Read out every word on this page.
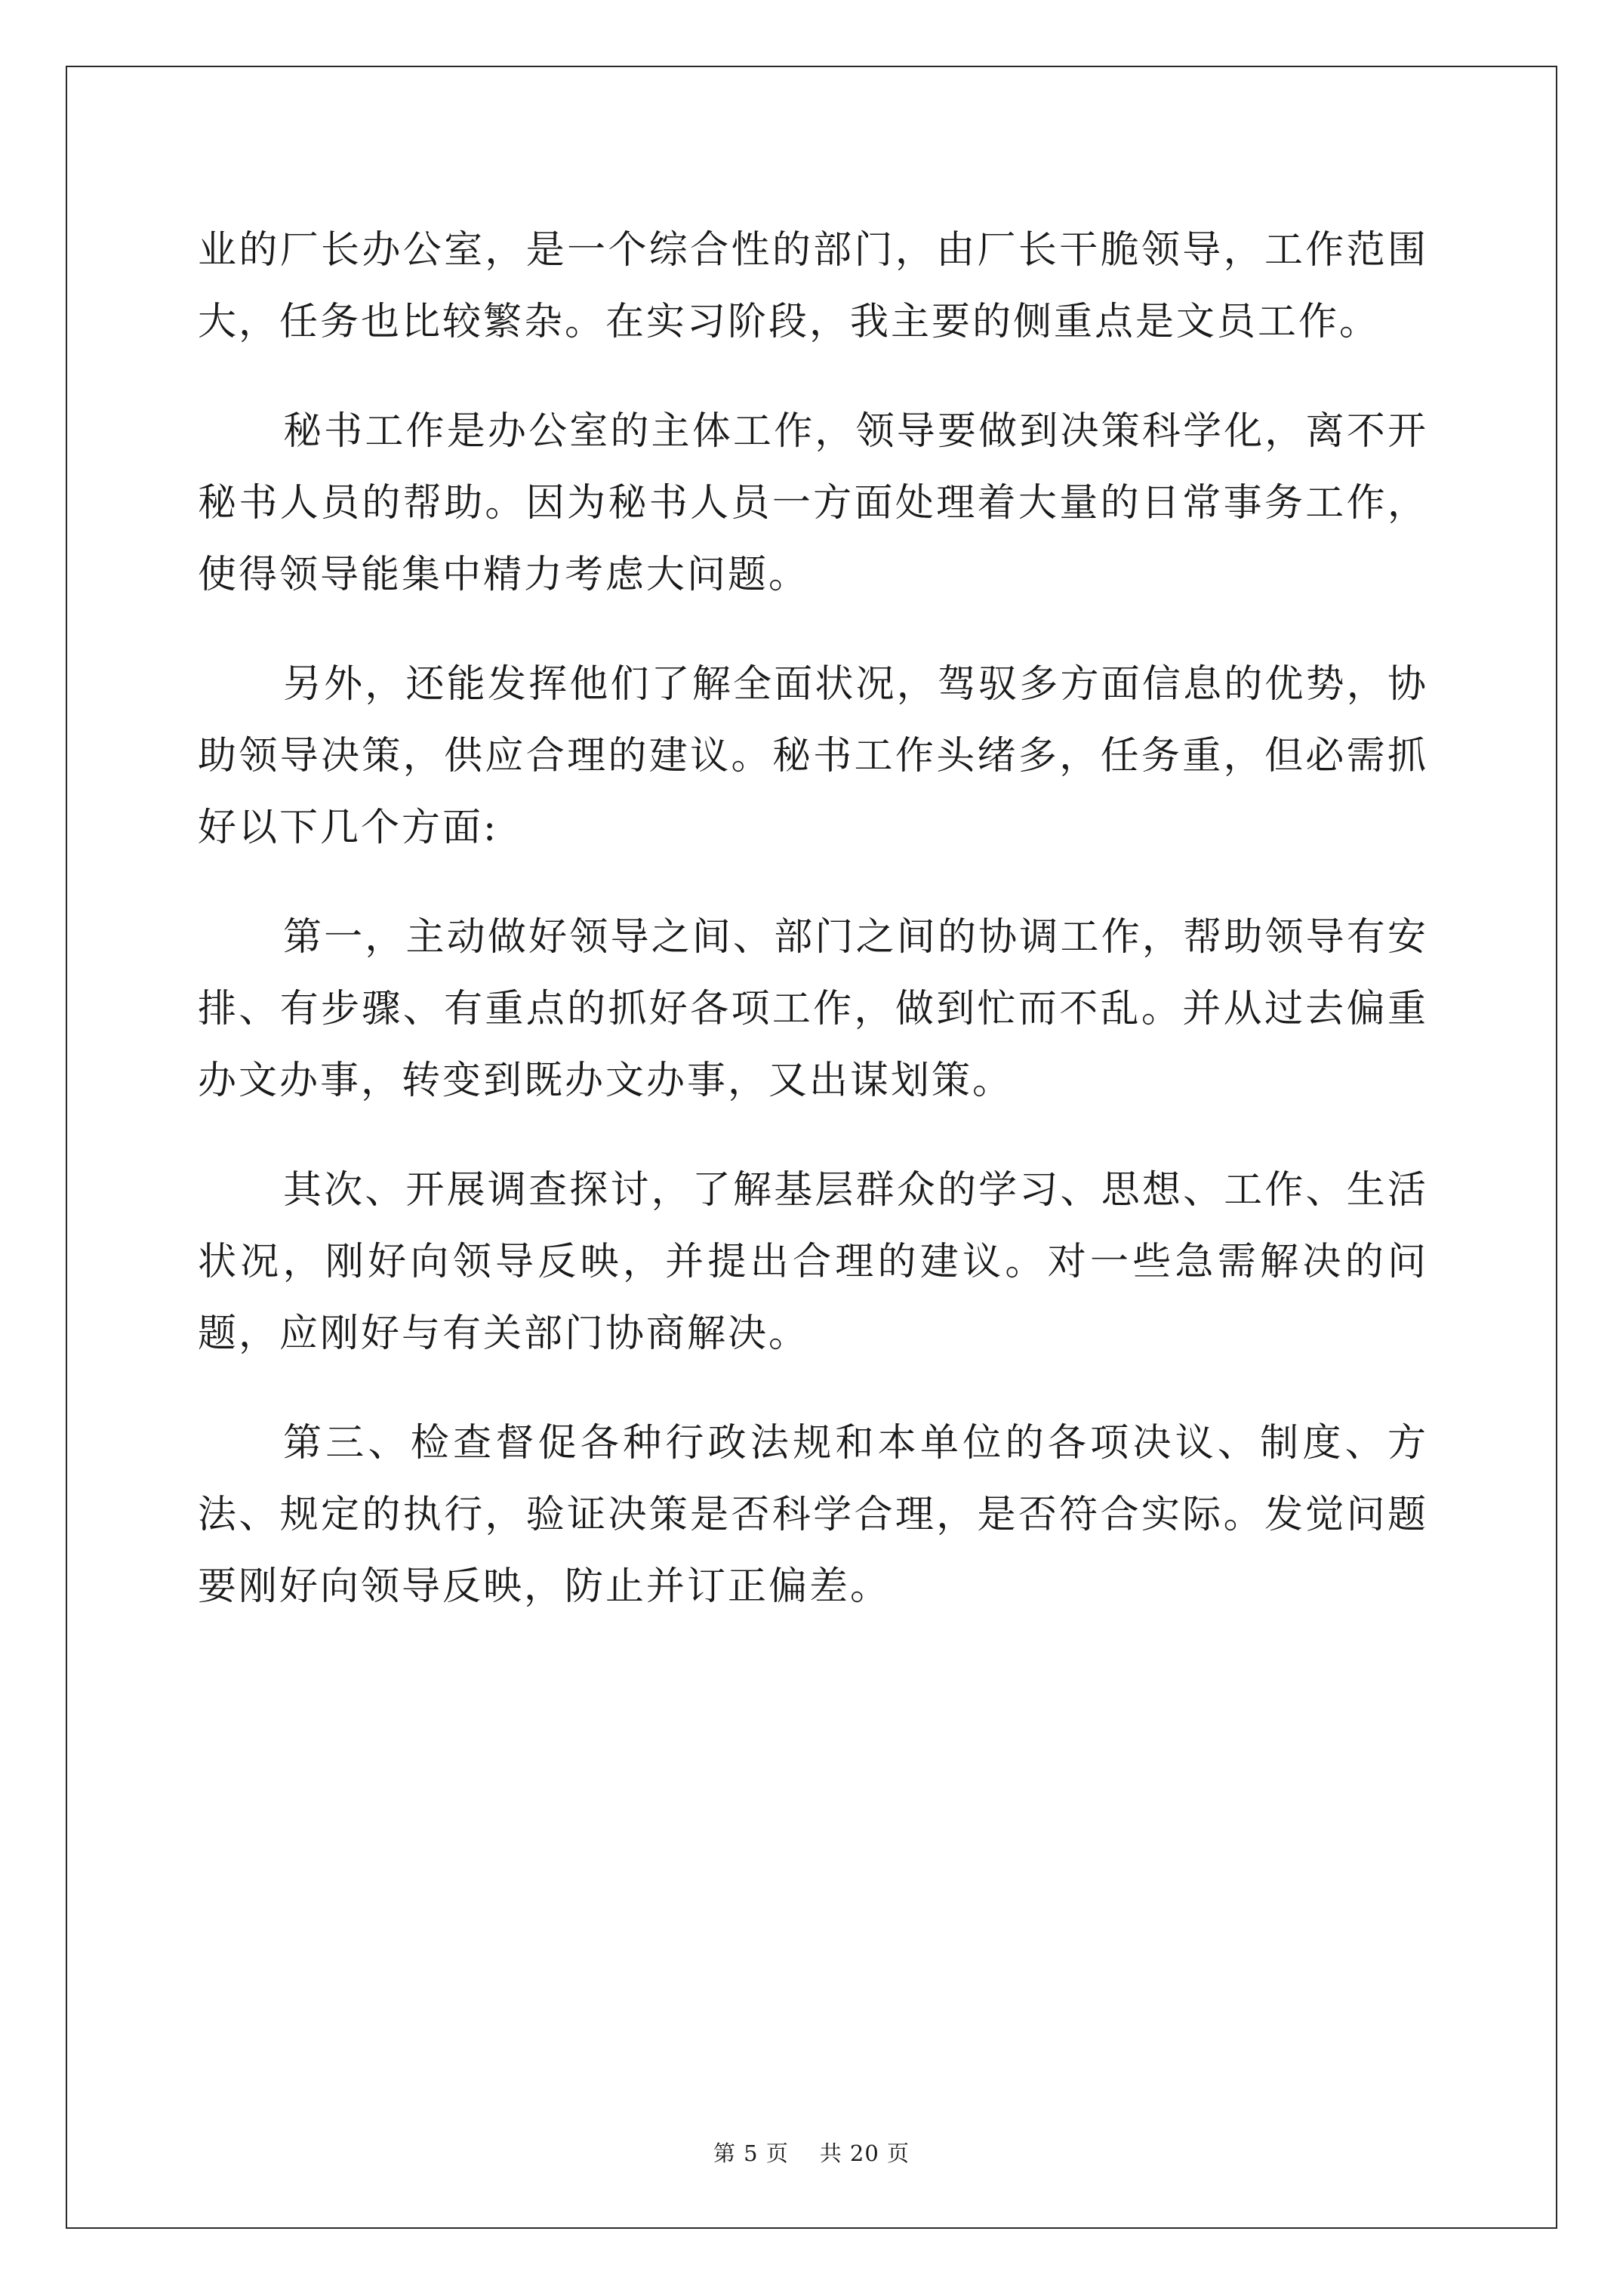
业的厂长办公室，是一个综合性的部门，由厂长干脆领导，工作范围大，任务也比较繁杂。在实习阶段，我主要的侧重点是文员工作。

秘书工作是办公室的主体工作，领导要做到决策科学化，离不开秘书人员的帮助。因为秘书人员一方面处理着大量的日常事务工作，使得领导能集中精力考虑大问题。

另外，还能发挥他们了解全面状况，驾驭多方面信息的优势，协助领导决策，供应合理的建议。秘书工作头绪多，任务重，但必需抓好以下几个方面:

第一，主动做好领导之间、部门之间的协调工作，帮助领导有安排、有步骤、有重点的抓好各项工作，做到忙而不乱。并从过去偏重办文办事，转变到既办文办事，又出谋划策。

其次、开展调查探讨，了解基层群众的学习、思想、工作、生活状况，刚好向领导反映，并提出合理的建议。对一些急需解决的问题，应刚好与有关部门协商解决。

第三、检查督促各种行政法规和本单位的各项决议、制度、方法、规定的执行，验证决策是否科学合理，是否符合实际。发觉问题要刚好向领导反映，防止并订正偏差。

第 5 页 共 20 页
